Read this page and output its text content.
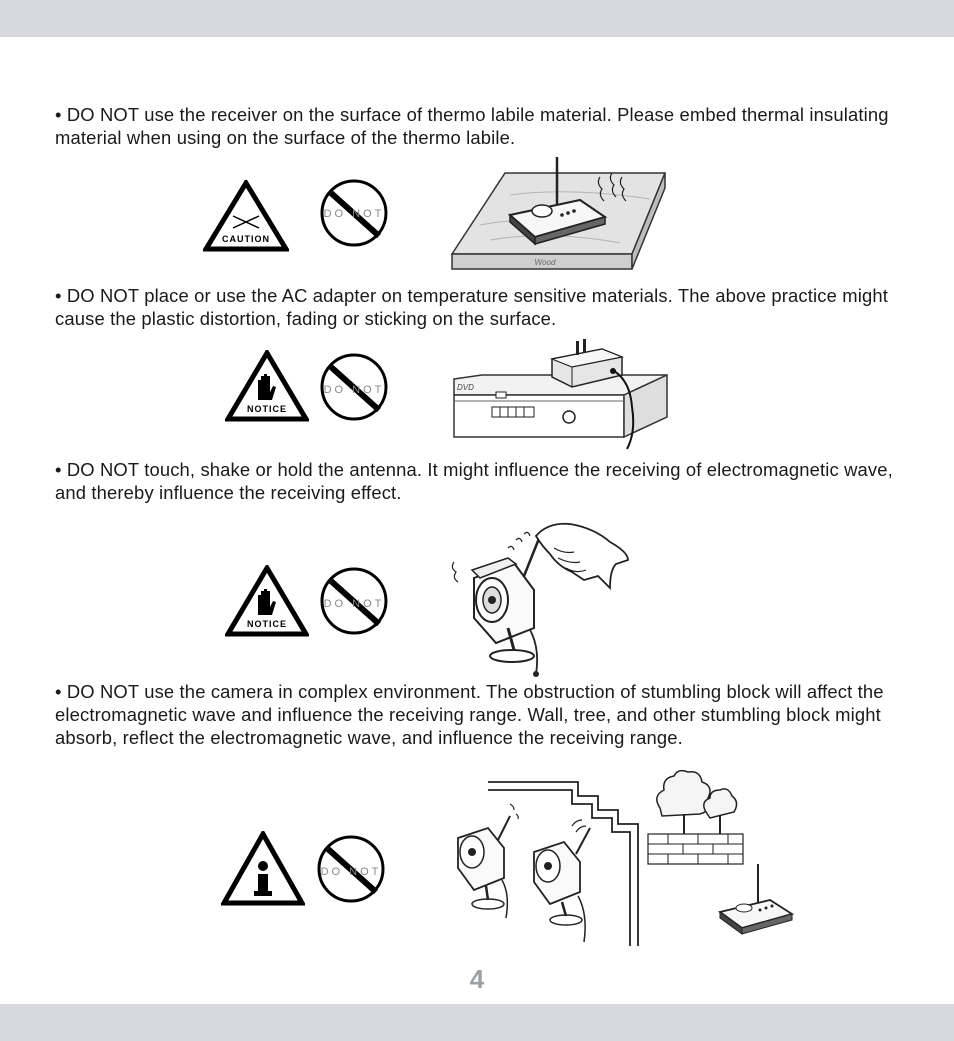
• DO NOT use the receiver on the surface of thermo labile material. Please embed thermal insulating material when using on the surface of the thermo labile.

CAUTION
DO NOT
Wood

• DO NOT place or use the AC adapter on temperature sensitive materials. The above practice might cause the plastic distortion, fading or sticking on the surface.

NOTICE
DO NOT	DVD

• DO NOT touch, shake or hold the antenna. It might influence the receiving of electromagnetic wave, and thereby influence the receiving effect.

NOTICE
DO NOT

• DO NOT use the camera in complex environment. The obstruction of stumbling block will affect the electromagnetic wave and influence the receiving range. Wall, tree, and other stumbling block might absorb, reflect the electromagnetic wave, and influence the receiving range.

DO NOT
4
